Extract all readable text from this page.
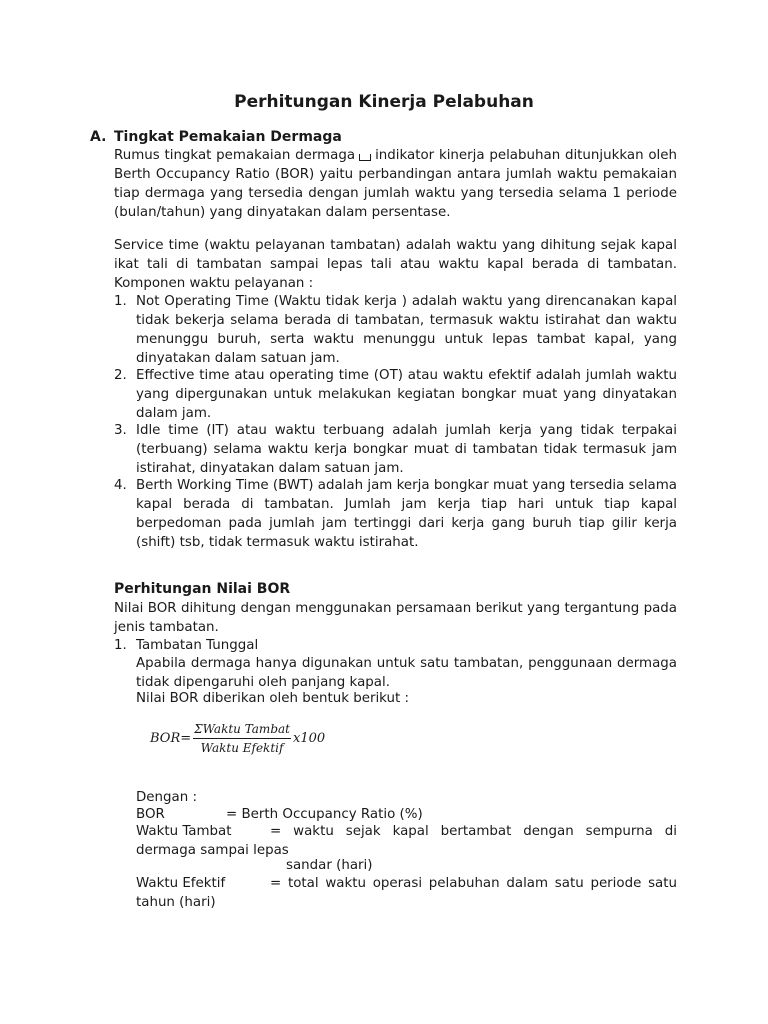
Perhitungan Kinerja Pelabuhan
A. Tingkat Pemakaian Dermaga

Rumus tingkat pemakaian dermaga indikator kinerja pelabuhan ditunjukkan oleh Berth Occupancy Ratio (BOR) yaitu perbandingan antara jumlah waktu pemakaian tiap dermaga yang tersedia dengan jumlah waktu yang tersedia selama 1 periode (bulan/tahun) yang dinyatakan dalam persentase.

Service time (waktu pelayanan tambatan) adalah waktu yang dihitung sejak kapal ikat tali di tambatan sampai lepas tali atau waktu kapal berada di tambatan. Komponen waktu pelayanan :

1. Not Operating Time (Waktu tidak kerja ) adalah waktu yang direncanakan kapal tidak bekerja selama berada di tambatan, termasuk waktu istirahat dan waktu menunggu buruh, serta waktu menunggu untuk lepas tambat kapal, yang dinyatakan dalam satuan jam.

2. Effective time atau operating time (OT) atau waktu efektif adalah jumlah waktu yang dipergunakan untuk melakukan kegiatan bongkar muat yang dinyatakan dalam jam.

3. Idle time (IT) atau waktu terbuang adalah jumlah kerja yang tidak terpakai (terbuang) selama waktu kerja bongkar muat di tambatan tidak termasuk jam istirahat, dinyatakan dalam satuan jam.

4. Berth Working Time (BWT) adalah jam kerja bongkar muat yang tersedia selama kapal berada di tambatan. Jumlah jam kerja tiap hari untuk tiap kapal berpedoman pada jumlah jam tertinggi dari kerja gang buruh tiap gilir kerja (shift) tsb, tidak termasuk waktu istirahat.

Perhitungan Nilai BOR

Nilai BOR dihitung dengan menggunakan persamaan berikut yang tergantung pada jenis tambatan.

1. Tambatan Tunggal

Apabila dermaga hanya digunakan untuk satu tambatan, penggunaan dermaga tidak dipengaruhi oleh panjang kapal.

Nilai BOR diberikan oleh bentuk berikut :
$BOR= \frac{\text{ΣWaktu Tambat}}{\text{Waktu Efektif}} x100$
Dengan :
BOR	= Berth Occupancy Ratio (%)
Waktu Tambat	= waktu sejak kapal bertambat dengan sempurna di dermaga sampai lepas

sandar (hari)
Waktu Efektif	= total waktu operasi pelabuhan dalam satu periode satu tahun (hari)
